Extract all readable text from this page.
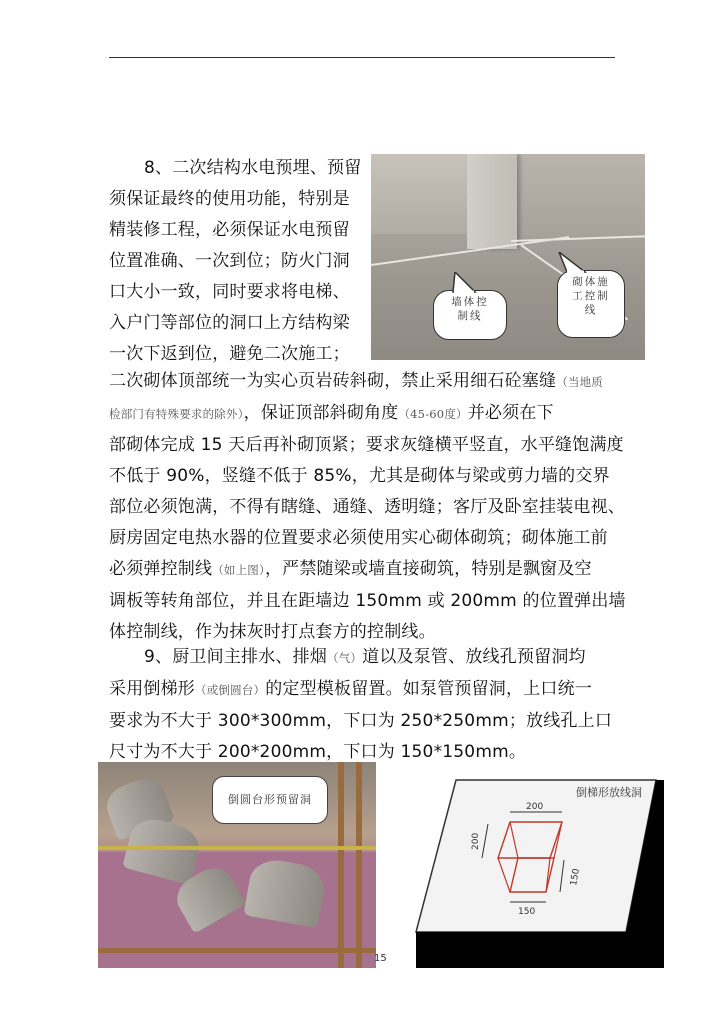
8、二次结构水电预埋、预留

须保证最终的使用功能，特别是

精装修工程，必须保证水电预留

位置准确、一次到位；防火门洞

口大小一致，同时要求将电梯、

入户门等部位的洞口上方结构梁

一次下返到位，避免二次施工；

二次砌体顶部统一为实心页岩砖斜砌，禁止采用细石砼塞缝（当地质

检部门有特殊要求的除外），保证顶部斜砌角度（45-60度）并必须在下

部砌体完成 15 天后再补砌顶紧；要求灰缝横平竖直，水平缝饱满度

不低于 90%，竖缝不低于 85%，尤其是砌体与梁或剪力墙的交界

部位必须饱满，不得有瞎缝、通缝、透明缝；客厅及卧室挂装电视、

厨房固定电热水器的位置要求必须使用实心砌体砌筑；砌体施工前

必须弹控制线（如上图），严禁随梁或墙直接砌筑，特别是飘窗及空

调板等转角部位，并且在距墙边 150mm 或 200mm 的位置弹出墙

体控制线，作为抹灰时打点套方的控制线。

9、厨卫间主排水、排烟（气）道以及泵管、放线孔预留洞均

采用倒梯形（或倒圆台）的定型模板留置。如泵管预留洞，上口统一

要求为不大于 300*300mm，下口为 250*250mm；放线孔上口

尺寸为不大于 200*200mm，下口为 150*150mm。

墙体控
制线
砌体施
工控制
线
倒圆台形预留洞
倒梯形放线洞
200
200
150
150
15
